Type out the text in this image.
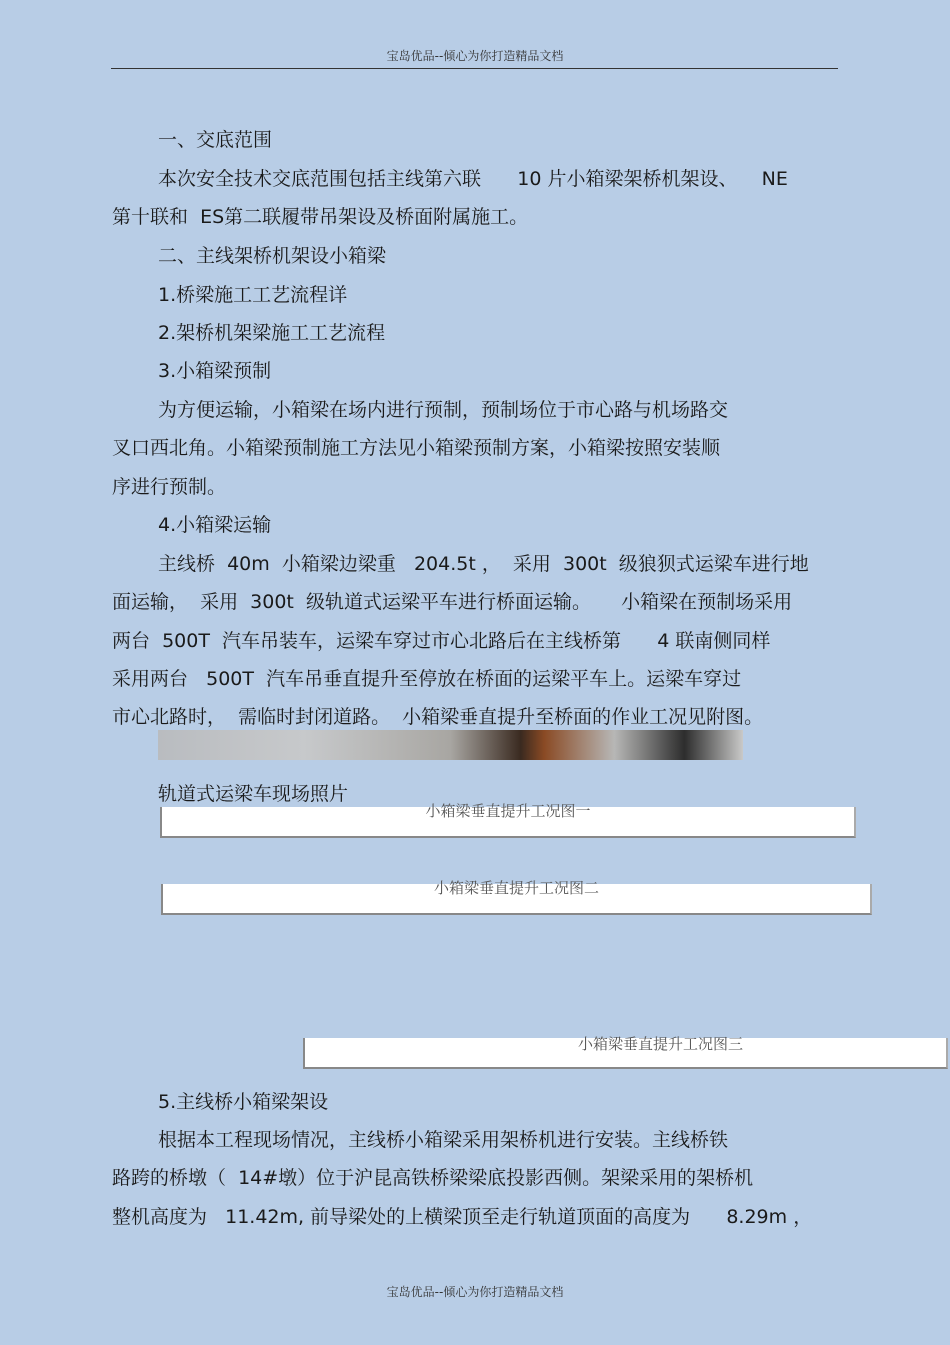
宝岛优品--倾心为你打造精品文档
一、交底范围
本次安全技术交底范围包括主线第六联      10 片小箱梁架桥机架设、    NE
第十联和  ES第二联履带吊架设及桥面附属施工。
二、主线架桥机架设小箱梁
1.桥梁施工工艺流程详
2.架桥机架梁施工工艺流程
3.小箱梁预制
为方便运输，小箱梁在场内进行预制，预制场位于市心路与机场路交
叉口西北角。小箱梁预制施工方法见小箱梁预制方案，小箱梁按照安装顺
序进行预制。
4.小箱梁运输
主线桥  40m  小箱梁边梁重   204.5t ，  采用  300t  级狼狈式运梁车进行地
面运输，  采用  300t  级轨道式运梁平车进行桥面运输。     小箱梁在预制场采用
两台  500T  汽车吊装车，运梁车穿过市心北路后在主线桥第      4 联南侧同样
采用两台   500T  汽车吊垂直提升至停放在桥面的运梁平车上。运梁车穿过
市心北路时，  需临时封闭道路。  小箱梁垂直提升至桥面的作业工况见附图。
轨道式运梁车现场照片
小箱梁垂直提升工况图一
小箱梁垂直提升工况图二
小箱梁垂直提升工况图三
5.主线桥小箱梁架设
根据本工程现场情况，主线桥小箱梁采用架桥机进行安装。主线桥铁
路跨的桥墩（  14#墩）位于沪昆高铁桥梁梁底投影西侧。架梁采用的架桥机
整机高度为   11.42m, 前导梁处的上横梁顶至走行轨道顶面的高度为      8.29m ，
宝岛优品--倾心为你打造精品文档
